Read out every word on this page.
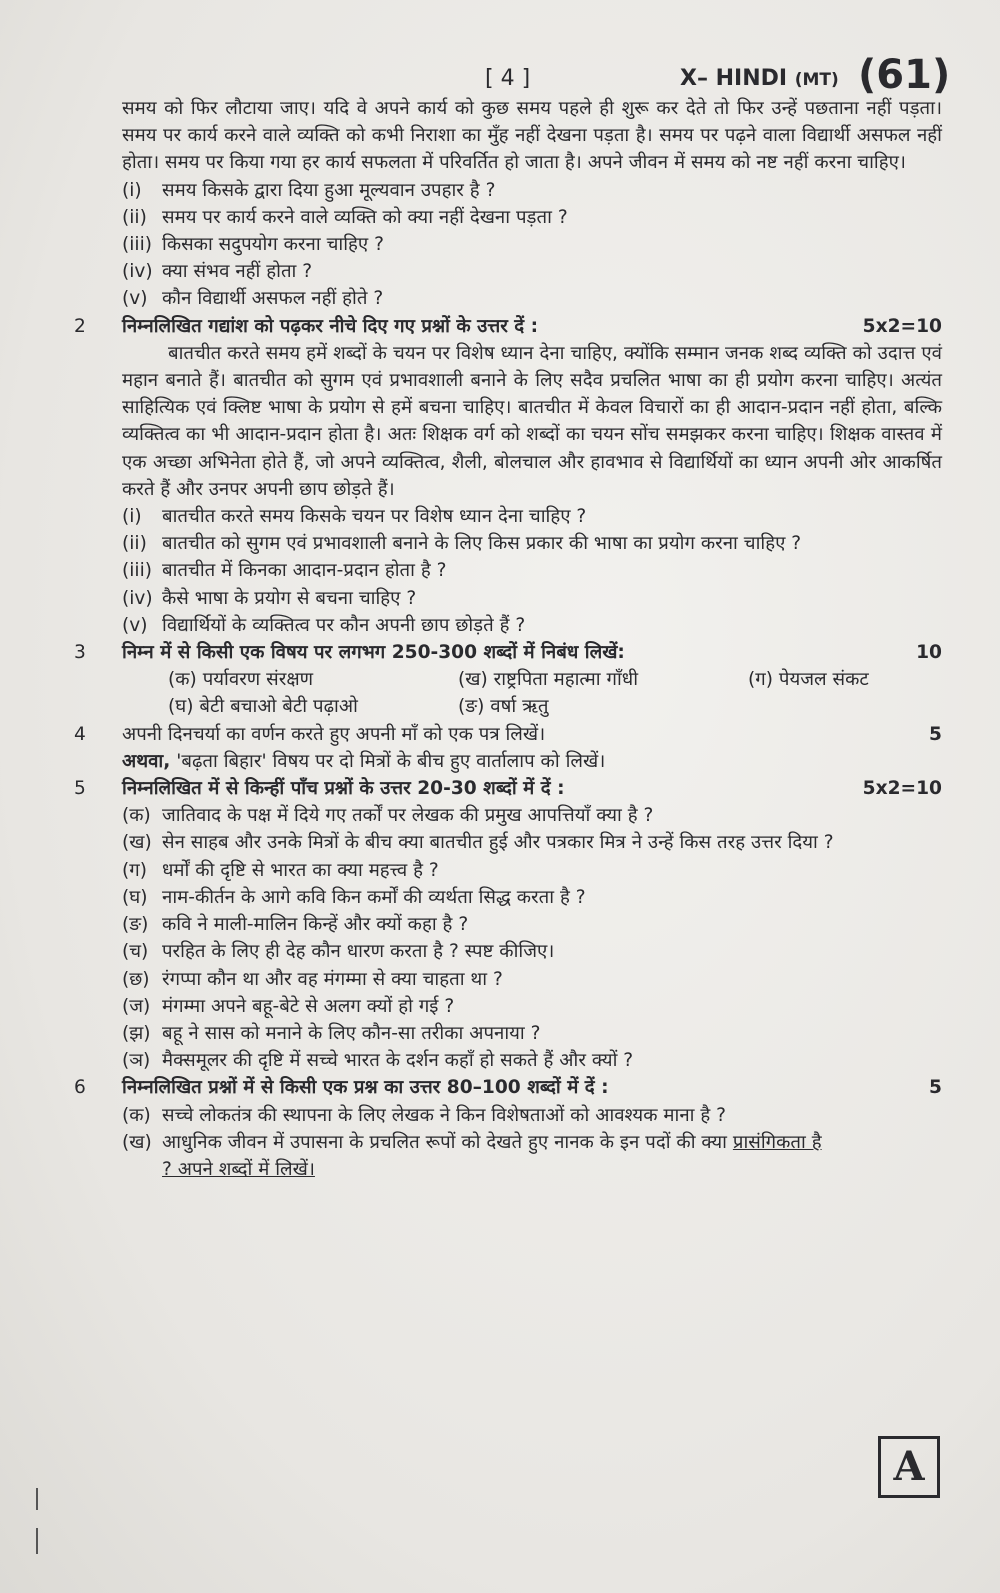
[ 4 ]	X– HINDI (MT) (61)

समय को फिर लौटाया जाए। यदि वे अपने कार्य को कुछ समय पहले ही शुरू कर देते तो फिर उन्हें पछताना नहीं पड़ता। समय पर कार्य करने वाले व्यक्ति को कभी निराशा का मुँह नहीं देखना पड़ता है। समय पर पढ़ने वाला विद्यार्थी असफल नहीं होता। समय पर किया गया हर कार्य सफलता में परिवर्तित हो जाता है। अपने जीवन में समय को नष्ट नहीं करना चाहिए।

(i)	समय किसके द्वारा दिया हुआ मूल्यवान उपहार है ?
(ii) समय पर कार्य करने वाले व्यक्ति को क्या नहीं देखना पड़ता ?
(iii) किसका सदुपयोग करना चाहिए ?
(iv) क्या संभव नहीं होता ?
(v) कौन विद्यार्थी असफल नहीं होते ?
2	निम्नलिखित गद्यांश को पढ़कर नीचे दिए गए प्रश्नों के उत्तर दें :	5x2=10

बातचीत करते समय हमें शब्दों के चयन पर विशेष ध्यान देना चाहिए, क्योंकि सम्मान जनक शब्द व्यक्ति को उदात्त एवं महान बनाते हैं। बातचीत को सुगम एवं प्रभावशाली बनाने के लिए सदैव प्रचलित भाषा का ही प्रयोग करना चाहिए। अत्यंत साहित्यिक एवं क्लिष्ट भाषा के प्रयोग से हमें बचना चाहिए। बातचीत में केवल विचारों का ही आदान-प्रदान नहीं होता, बल्कि व्यक्तित्व का भी आदान-प्रदान होता है। अतः शिक्षक वर्ग को शब्दों का चयन सोंच समझकर करना चाहिए। शिक्षक वास्तव में एक अच्छा अभिनेता होते हैं, जो अपने व्यक्तित्व, शैली, बोलचाल और हावभाव से विद्यार्थियों का ध्यान अपनी ओर आकर्षित करते हैं और उनपर अपनी छाप छोड़ते हैं।

(i)	बातचीत करते समय किसके चयन पर विशेष ध्यान देना चाहिए ?
(ii) बातचीत को सुगम एवं प्रभावशाली बनाने के लिए किस प्रकार की भाषा का प्रयोग करना चाहिए ?
(iii) बातचीत में किनका आदान-प्रदान होता है ?
(iv) कैसे भाषा के प्रयोग से बचना चाहिए ?
(v) विद्यार्थियों के व्यक्तित्व पर कौन अपनी छाप छोड़ते हैं ?
3	निम्न में से किसी एक विषय पर लगभग 250-300 शब्दों में निबंध लिखें:	10
(क) पर्यावरण संरक्षण	(ख) राष्ट्रपिता महात्मा गाँधी	(ग) पेयजल संकट
(घ) बेटी बचाओ बेटी पढ़ाओ	(ङ) वर्षा ऋतु
4	अपनी दिनचर्या का वर्णन करते हुए अपनी माँ को एक पत्र लिखें।	5

अथवा, 'बढ़ता बिहार' विषय पर दो मित्रों के बीच हुए वार्तालाप को लिखें।

5	निम्नलिखित में से किन्हीं पाँच प्रश्नों के उत्तर 20-30 शब्दों में दें :	5x2=10
(क) जातिवाद के पक्ष में दिये गए तर्कों पर लेखक की प्रमुख आपत्तियाँ क्या है ?
(ख) सेन साहब और उनके मित्रों के बीच क्या बातचीत हुई और पत्रकार मित्र ने उन्हें किस तरह उत्तर दिया ?
(ग) धर्मों की दृष्टि से भारत का क्या महत्त्व है ?
(घ) नाम-कीर्तन के आगे कवि किन कर्मों की व्यर्थता सिद्ध करता है ?
(ङ) कवि ने माली-मालिन किन्हें और क्यों कहा है ?
(च) परहित के लिए ही देह कौन धारण करता है ? स्पष्ट कीजिए।
(छ) रंगप्पा कौन था और वह मंगम्मा से क्या चाहता था ?
(ज) मंगम्मा अपने बहू-बेटे से अलग क्यों हो गई ?
(झ) बहू ने सास को मनाने के लिए कौन-सा तरीका अपनाया ?
(ञ) मैक्समूलर की दृष्टि में सच्चे भारत के दर्शन कहाँ हो सकते हैं और क्यों ?
6	निम्नलिखित प्रश्नों में से किसी एक प्रश्न का उत्तर 80–100 शब्दों में दें :	5
(क) सच्चे लोकतंत्र की स्थापना के लिए लेखक ने किन विशेषताओं को आवश्यक माना है ?
(ख) आधुनिक जीवन में उपासना के प्रचलित रूपों को देखते हुए नानक के इन पदों की क्या प्रासंगिकता है ? अपने शब्दों में लिखें।
A
